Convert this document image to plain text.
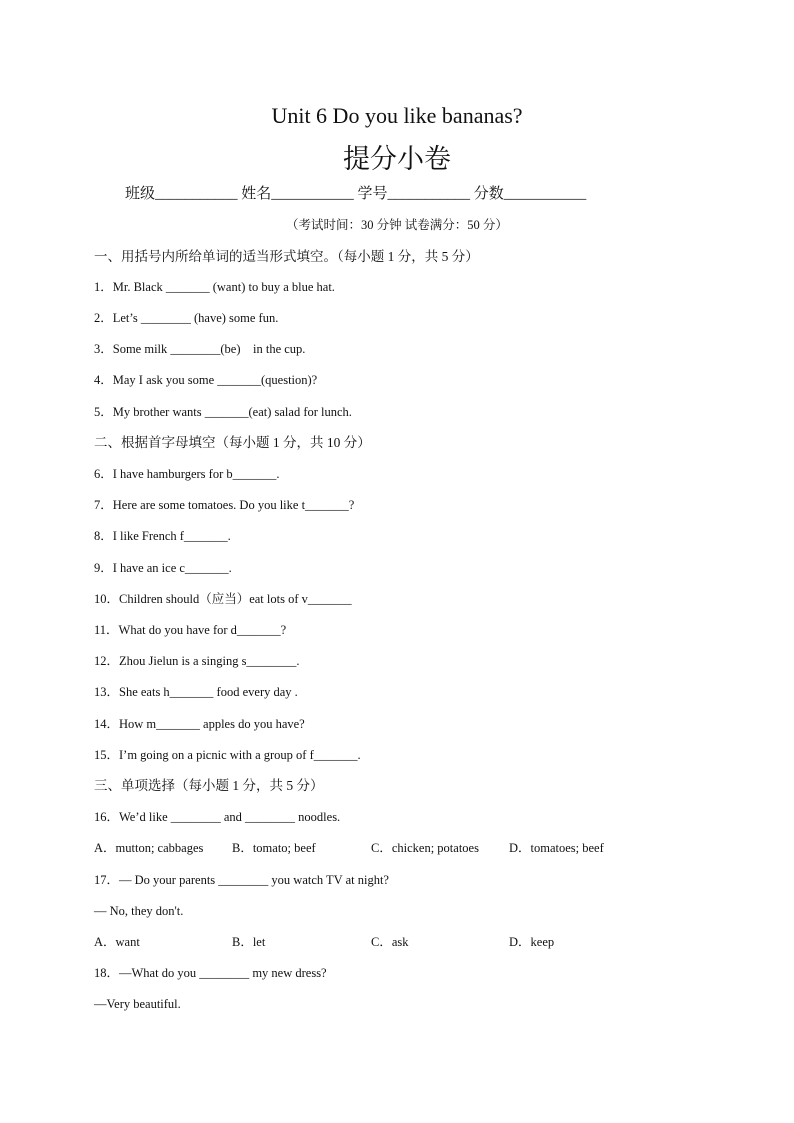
Unit 6 Do you like bananas?
提分小卷
班级___________ 姓名___________ 学号___________ 分数___________
（考试时间：30 分钟 试卷满分：50 分）
一、用括号内所给单词的适当形式填空。（每小题 1 分，共 5 分）
1．Mr. Black _______ (want) to buy a blue hat.
2．Let’s ________ (have) some fun.
3．Some milk ________(be)    in the cup.
4．May I ask you some _______(question)?
5．My brother wants _______(eat) salad for lunch.
二、根据首字母填空（每小题 1 分，共 10 分）
6．I have hamburgers for b_______.
7．Here are some tomatoes. Do you like t_______?
8．I like French f_______.
9．I have an ice c_______.
10．Children should（应当）eat lots of v_______
11．What do you have for d_______?
12．Zhou Jielun is a singing s________.
13．She eats h_______ food every day .
14．How m_______ apples do you have?
15．I’m going on a picnic with a group of f_______.
三、单项选择（每小题 1 分，共 5 分）
16．We’d like ________ and ________ noodles.
A．mutton; cabbages B．tomato; beef	C．chicken; potatoes D．tomatoes; beef
17．— Do your parents ________ you watch TV at night?
— No, they don't.
A．want	B．let	C．ask	D．keep
18．—What do you ________ my new dress?
—Very beautiful.
